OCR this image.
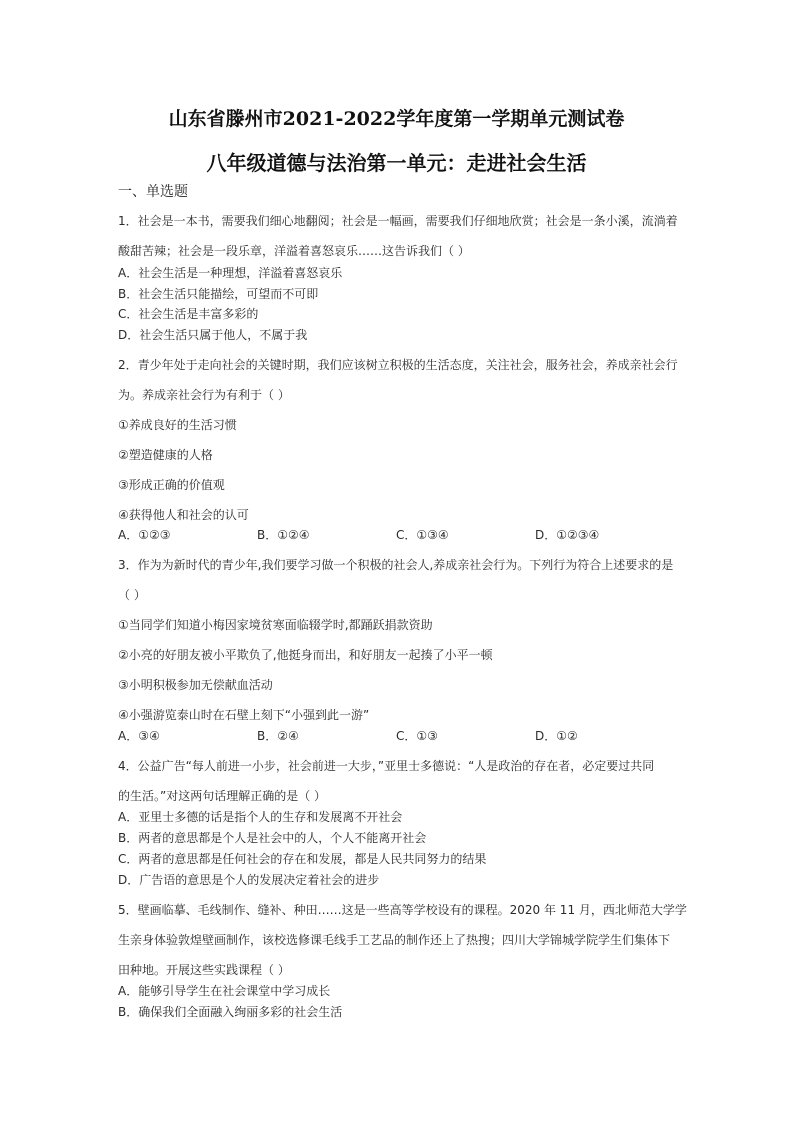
山东省滕州市2021-2022学年度第一学期单元测试卷
八年级道德与法治第一单元：走进社会生活
一、单选题
1．社会是一本书，需要我们细心地翻阅；社会是一幅画，需要我们仔细地欣赏；社会是一条小溪，流淌着
酸甜苦辣；社会是一段乐章，洋溢着喜怒哀乐……这告诉我们（ ）
A．社会生活是一种理想，洋溢着喜怒哀乐
B．社会生活只能描绘，可望而不可即
C．社会生活是丰富多彩的
D．社会生活只属于他人，不属于我
2．青少年处于走向社会的关键时期，我们应该树立积极的生活态度，关注社会，服务社会，养成亲社会行
为。养成亲社会行为有利于（ ）
①养成良好的生活习惯
②塑造健康的人格
③形成正确的价值观
④获得他人和社会的认可
A．①②③	B．①②④	C．①③④	D．①②③④
3．作为为新时代的青少年,我们要学习做一个积极的社会人,养成亲社会行为。下列行为符合上述要求的是
（ ）
①当同学们知道小梅因家境贫寒面临辍学时,都踊跃捐款资助
②小亮的好朋友被小平欺负了,他挺身而出，和好朋友一起揍了小平一顿
③小明积极参加无偿献血活动
④小强游览泰山时在石壁上刻下“小强到此一游”
A．③④	B．②④	C．①③	D．①②
4．公益广告“每人前进一小步，社会前进一大步，”亚里士多德说：“人是政治的存在者，必定要过共同
的生活。”对这两句话理解正确的是（ ）
A．亚里士多德的话是指个人的生存和发展离不开社会
B．两者的意思都是个人是社会中的人，个人不能离开社会
C．两者的意思都是任何社会的存在和发展，都是人民共同努力的结果
D．广告语的意思是个人的发展决定着社会的进步
5．壁画临摹、毛线制作、缝补、种田……这是一些高等学校设有的课程。2020 年 11 月，西北师范大学学
生亲身体验敦煌壁画制作，该校选修课毛线手工艺品的制作还上了热搜；四川大学锦城学院学生们集体下
田种地。开展这些实践课程（ ）
A．能够引导学生在社会课堂中学习成长
B．确保我们全面融入绚丽多彩的社会生活
